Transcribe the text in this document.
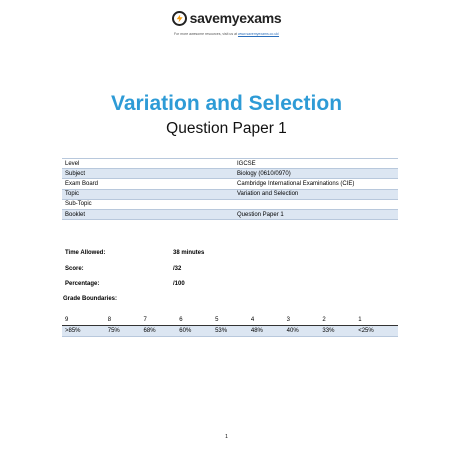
savemyexams
For more awesome resources, visit us at www.savemyexams.co.uk/
Variation and Selection
Question Paper 1
Level	IGCSE
Subject	Biology (0610/0970)
Exam Board	Cambridge International Examinations (CIE)
Topic	Variation and Selection
Sub-Topic	
Booklet	Question Paper 1
Time Allowed:	38 minutes
Score:	/32
Percentage:	/100
Grade Boundaries:
9	8	7	6	5	4	3	2	1
>85%	75%	68%	60%	53%	48%	40%	33%	<25%
1
